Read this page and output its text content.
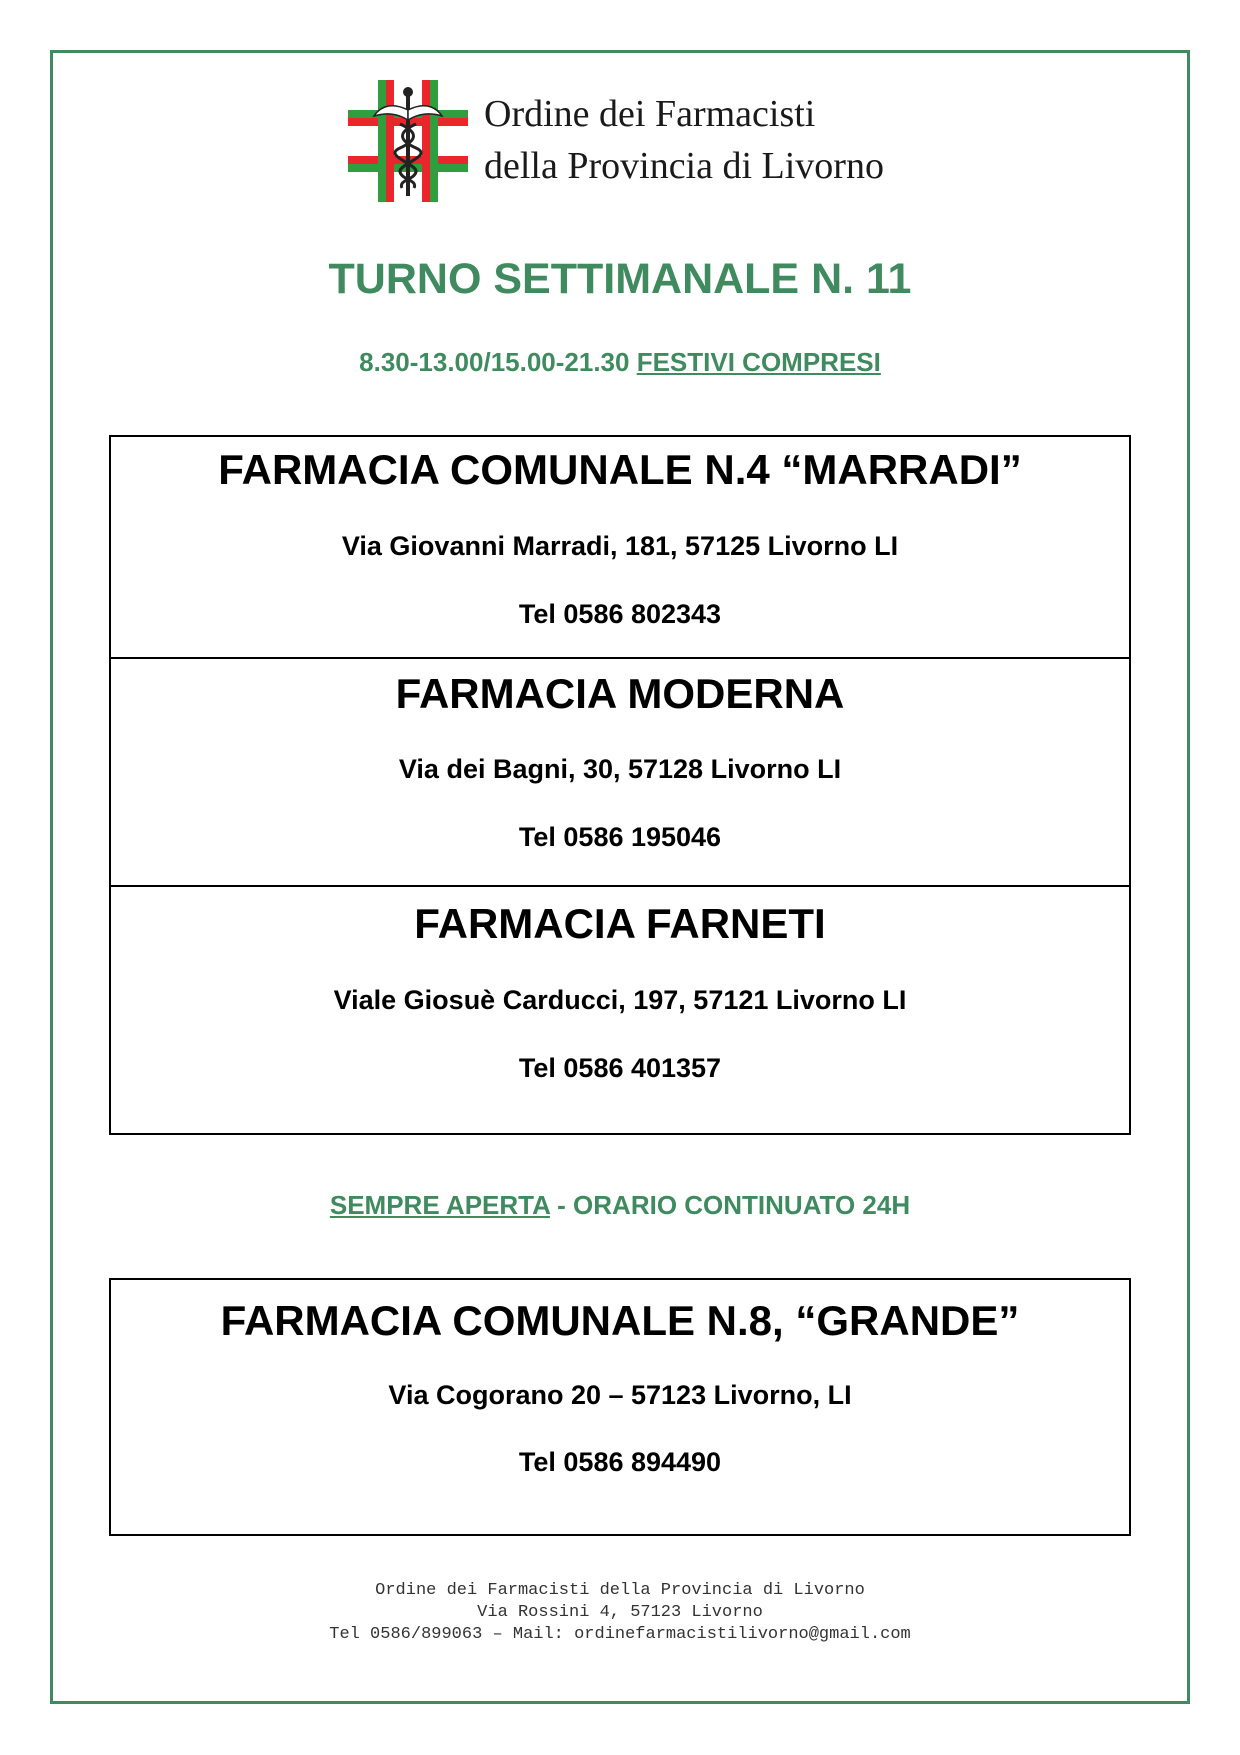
Ordine dei Farmacisti
della Provincia di Livorno
TURNO SETTIMANALE N. 11
8.30-13.00/15.00-21.30 FESTIVI COMPRESI
FARMACIA COMUNALE N.4 “MARRADI”
Via Giovanni Marradi, 181, 57125 Livorno LI
Tel 0586 802343
FARMACIA MODERNA
Via dei Bagni, 30, 57128 Livorno LI
Tel 0586 195046
FARMACIA FARNETI
Viale Giosuè Carducci, 197, 57121 Livorno LI
Tel 0586 401357
SEMPRE APERTA - ORARIO CONTINUATO 24H
FARMACIA COMUNALE N.8, “GRANDE”
Via Cogorano 20 – 57123 Livorno, LI
Tel 0586 894490
Ordine dei Farmacisti della Provincia di Livorno
Via Rossini 4, 57123 Livorno
Tel 0586/899063 – Mail: ordinefarmacistilivorno@gmail.com
